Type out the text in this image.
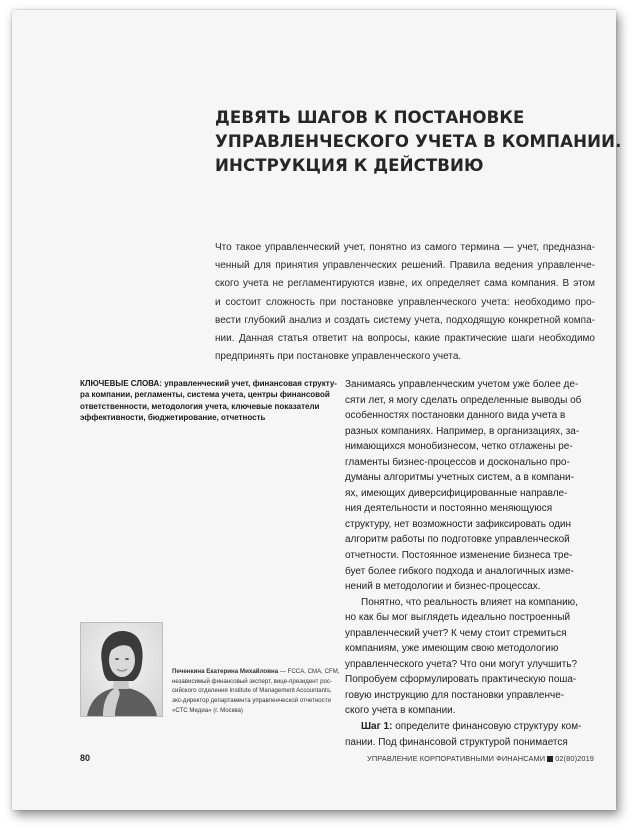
ДЕВЯТЬ ШАГОВ К ПОСТАНОВКЕ
УПРАВЛЕНЧЕСКОГО УЧЕТА В КОМПАНИИ.
ИНСТРУКЦИЯ К ДЕЙСТВИЮ

Что такое управленческий учет, понятно из самого термина — учет, предназна-
ченный для принятия управленческих решений. Правила ведения управленче-
ского учета не регламентируются извне, их определяет сама компания. В этом
и состоит сложность при постановке управленческого учета: необходимо про-
вести глубокий анализ и создать систему учета, подходящую конкретной компа-
нии. Данная статья ответит на вопросы, какие практические шаги необходимо
предпринять при постановке управленческого учета.

КЛЮЧЕВЫЕ СЛОВА: управленческий учет, финансовая структу-
ра компании, регламенты, система учета, центры финансовой
ответственности, методология учета, ключевые показатели
эффективности, бюджетирование, отчетность

Занимаясь управленческим учетом уже более де-
сяти лет, я могу сделать определенные выводы об
особенностях постановки данного вида учета в
разных компаниях. Например, в организациях, за-
нимающихся монобизнесом, четко отлажены ре-
гламенты бизнес-процессов и досконально про-
думаны алгоритмы учетных систем, а в компани-
ях, имеющих диверсифицированные направле-
ния деятельности и постоянно меняющуюся
структуру, нет возможности зафиксировать один
алгоритм работы по подготовке управленческой
отчетности. Постоянное изменение бизнеса тре-
бует более гибкого подхода и аналогичных изме-
нений в методологии и бизнес-процессах.
Понятно, что реальность влияет на компанию,
но как бы мог выглядеть идеально построенный
управленческий учет? К чему стоит стремиться
компаниям, уже имеющим свою методологию
управленческого учета? Что они могут улучшить?
Попробуем сформулировать практическую поша-
говую инструкцию для постановки управленче-
ского учета в компании.
Шаг 1: определите финансовую структуру ком-
пании. Под финансовой структурой понимается

Печенкина Екатерина Михайловна — FCCA, CMA, CFM,
независимый финансовый эксперт, вице-президент рос-
сийского отделения Institute of Management Accountants,
экс-директор департамента управленческой отчетности
«СТС Медиа» (г. Москва)

80	УПРАВЛЕНИЕ КОРПОРАТИВНЫМИ ФИНАНСАМИ 02(80)2019
